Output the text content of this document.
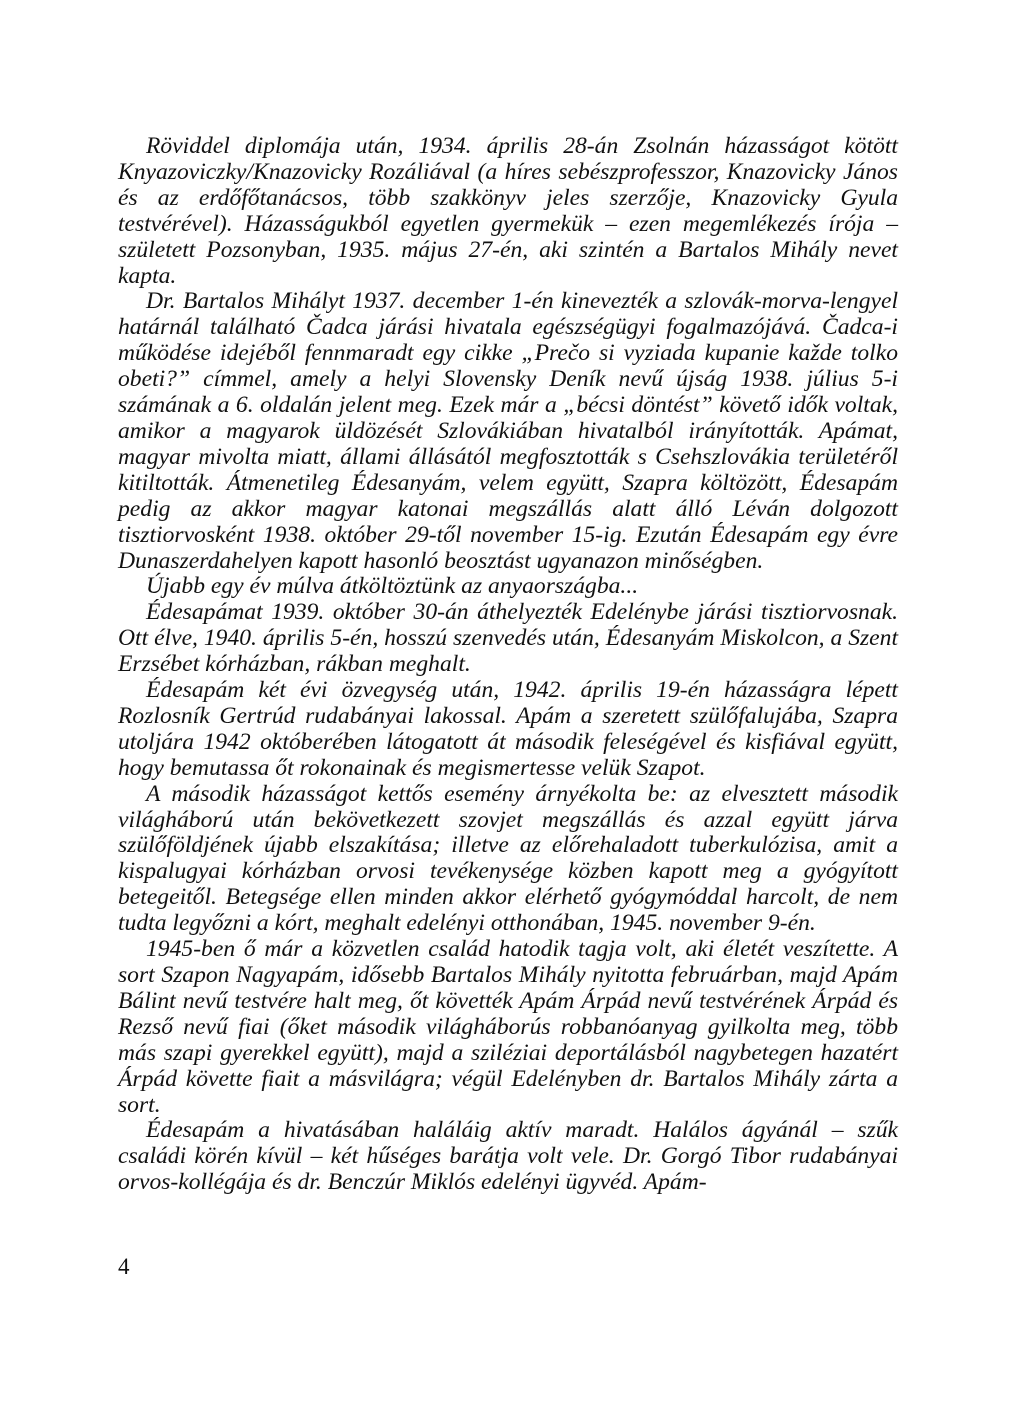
Röviddel diplomája után, 1934. április 28-án Zsolnán házasságot kötött Knyazoviczky/Knazovicky Rozáliával (a híres sebészprofesszor, Knazovicky János és az erdőfőtanácsos, több szakkönyv jeles szerzője, Knazovicky Gyula testvérével). Házasságukból egyetlen gyermekük – ezen megemlékezés írója – született Pozsonyban, 1935. május 27-én, aki szintén a Bartalos Mihály nevet kapta.

Dr. Bartalos Mihályt 1937. december 1-én kinevezték a szlovák-morva-lengyel határnál található Čadca járási hivatala egészségügyi fogalmazójává. Čadca-i működése idejéből fennmaradt egy cikke „Prečo si vyziada kupanie každe tolko obeti?” címmel, amely a helyi Slovensky Deník nevű újság 1938. július 5-i számának a 6. oldalán jelent meg. Ezek már a „bécsi döntést” követő idők voltak, amikor a magyarok üldözését Szlovákiában hivatalból irányították. Apámat, magyar mivolta miatt, állami állásától megfosztották s Csehszlovákia területéről kitiltották. Átmenetileg Édesanyám, velem együtt, Szapra költözött, Édesapám pedig az akkor magyar katonai megszállás alatt álló Léván dolgozott tisztiorvosként 1938. október 29-től november 15-ig. Ezután Édesapám egy évre Dunaszerdahelyen kapott hasonló beosztást ugyanazon minőségben.

Újabb egy év múlva átköltöztünk az anyaországba...

Édesapámat 1939. október 30-án áthelyezték Edelénybe járási tisztiorvosnak. Ott élve, 1940. április 5-én, hosszú szenvedés után, Édesanyám Miskolcon, a Szent Erzsébet kórházban, rákban meghalt.

Édesapám két évi özvegység után, 1942. április 19-én házasságra lépett Rozlosník Gertrúd rudabányai lakossal. Apám a szeretett szülőfalujába, Szapra utoljára 1942 októberében látogatott át második feleségével és kisfiával együtt, hogy bemutassa őt rokonainak és megismertesse velük Szapot.

A második házasságot kettős esemény árnyékolta be: az elvesztett második világháború után bekövetkezett szovjet megszállás és azzal együtt járva szülőföldjének újabb elszakítása; illetve az előrehaladott tuberkulózisa, amit a kispalugyai kórházban orvosi tevékenysége közben kapott meg a gyógyított betegeitől. Betegsége ellen minden akkor elérhető gyógymóddal harcolt, de nem tudta legyőzni a kórt, meghalt edelényi otthonában, 1945. november 9-én.

1945-ben ő már a közvetlen család hatodik tagja volt, aki életét veszítette. A sort Szapon Nagyapám, idősebb Bartalos Mihály nyitotta februárban, majd Apám Bálint nevű testvére halt meg, őt követték Apám Árpád nevű testvérének Árpád és Rezső nevű fiai (őket második világháborús robbanóanyag gyilkolta meg, több más szapi gyerekkel együtt), majd a sziléziai deportálásból nagybetegen hazatért Árpád követte fiait a másvilágra; végül Edelényben dr. Bartalos Mihály zárta a sort.

Édesapám a hivatásában haláláig aktív maradt. Halálos ágyánál – szűk családi körén kívül – két hűséges barátja volt vele. Dr. Gorgó Tibor rudabányai orvos-kollégája és dr. Benczúr Miklós edelényi ügyvéd. Apám-

4
